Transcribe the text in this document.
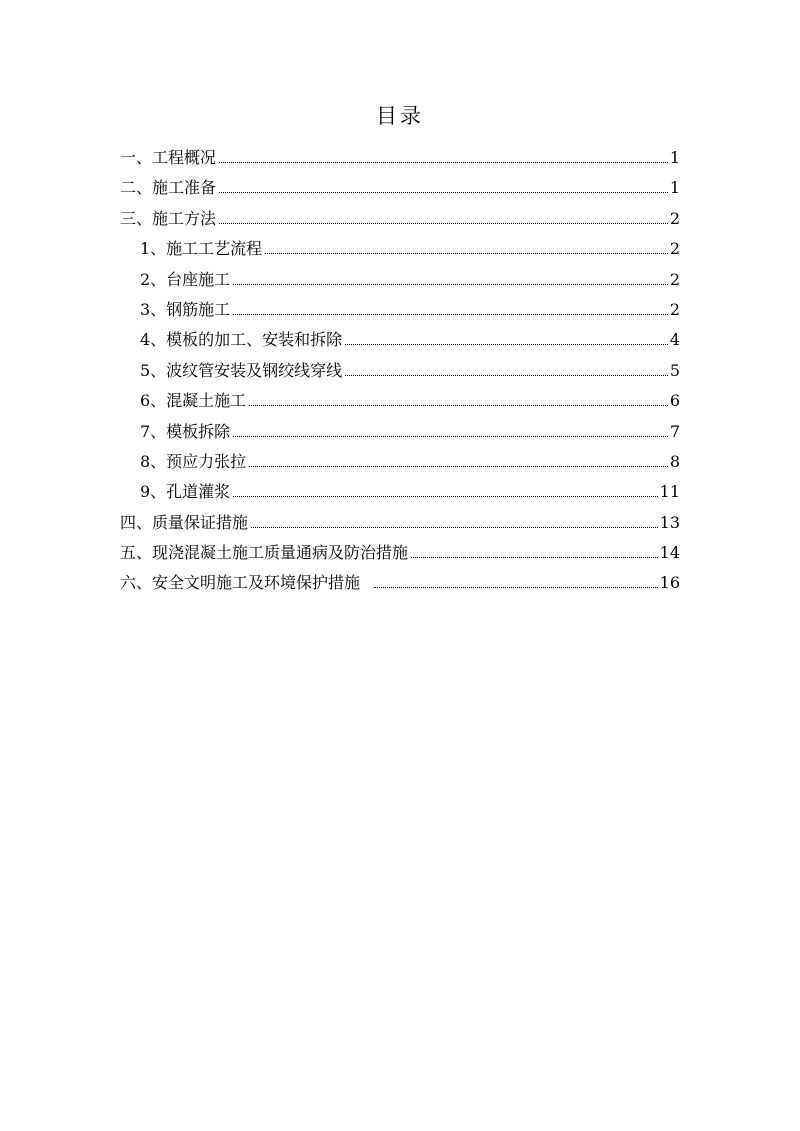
目录
一、工程概况	1
二、施工准备	1
三、施工方法	2
1、施工工艺流程	2
2、台座施工	2
3、钢筋施工	2
4、模板的加工、安装和拆除	4
5、波纹管安装及钢绞线穿线	5
6、混凝土施工	6
7、模板拆除	7
8、预应力张拉	8
9、孔道灌浆	11
四、质量保证措施	13
五、现浇混凝土施工质量通病及防治措施	14
六、安全文明施工及环境保护措施	16
